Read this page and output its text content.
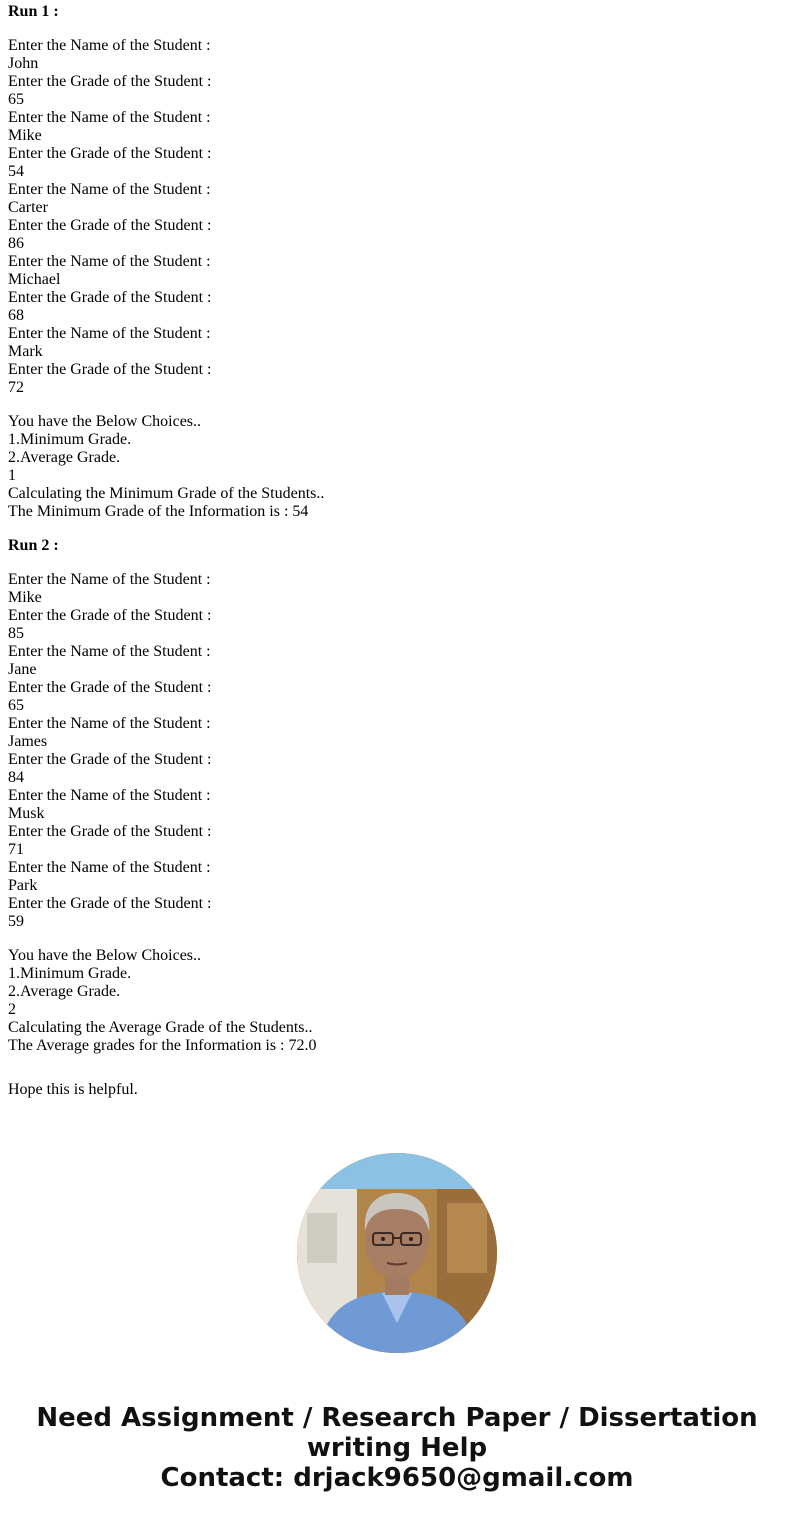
Run 1 :
Enter the Name of the Student :
John
Enter the Grade of the Student :
65
Enter the Name of the Student :
Mike
Enter the Grade of the Student :
54
Enter the Name of the Student :
Carter
Enter the Grade of the Student :
86
Enter the Name of the Student :
Michael
Enter the Grade of the Student :
68
Enter the Name of the Student :
Mark
Enter the Grade of the Student :
72
You have the Below Choices..
1.Minimum Grade.
2.Average Grade.
1
Calculating the Minimum Grade of the Students..
The Minimum Grade of the Information is : 54
Run 2 :
Enter the Name of the Student :
Mike
Enter the Grade of the Student :
85
Enter the Name of the Student :
Jane
Enter the Grade of the Student :
65
Enter the Name of the Student :
James
Enter the Grade of the Student :
84
Enter the Name of the Student :
Musk
Enter the Grade of the Student :
71
Enter the Name of the Student :
Park
Enter the Grade of the Student :
59
You have the Below Choices..
1.Minimum Grade.
2.Average Grade.
2
Calculating the Average Grade of the Students..
The Average grades for the Information is : 72.0
Hope this is helpful.
Need Assignment / Research Paper / Dissertation
writing Help
Contact: drjack9650@gmail.com
